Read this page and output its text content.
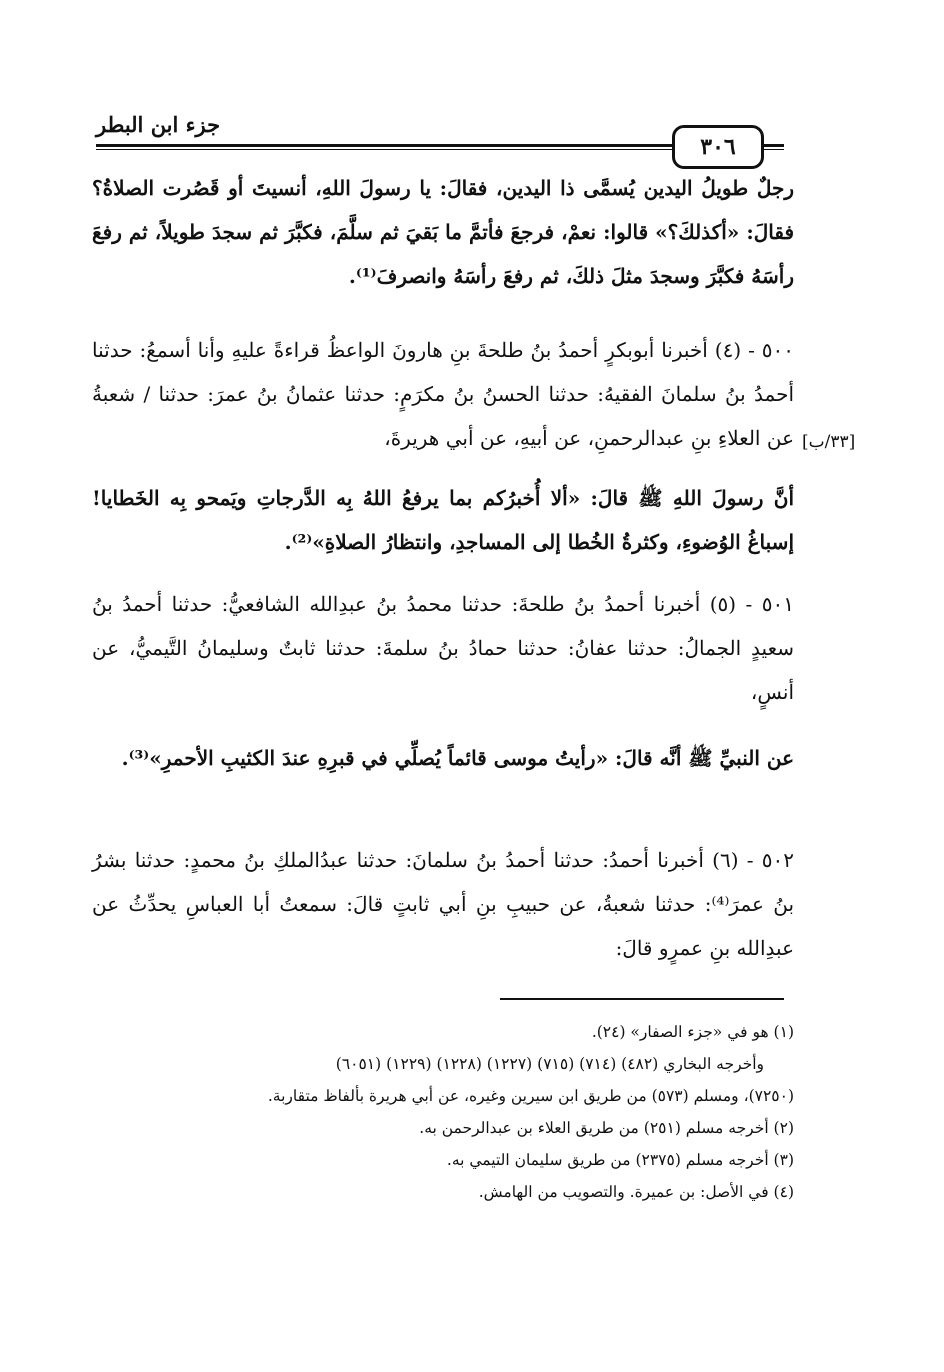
جزء ابن البطر
٣٠٦
رجلٌ طويلُ اليدين يُسمَّى ذا اليدين، فقالَ: يا رسولَ اللهِ، أنسيتَ أو قَصُرت الصلاةُ؟ فقالَ: «أكذلكَ؟» قالوا: نعمْ، فرجعَ فأتمَّ ما بَقيَ ثم سلَّمَ، فكبَّرَ ثم سجدَ طويلاً، ثم رفعَ رأسَهُ فكبَّرَ وسجدَ مثلَ ذلكَ، ثم رفعَ رأسَهُ وانصرفَ⁽¹⁾.
٥٠٠ - (٤) أخبرنا أبوبكرٍ أحمدُ بنُ طلحةَ بنِ هارونَ الواعظُ قراءةً عليهِ وأنا أسمعُ: حدثنا أحمدُ بنُ سلمانَ الفقيهُ: حدثنا الحسنُ بنُ مكرَمٍ: حدثنا عثمانُ بنُ عمرَ: حدثنا / شعبةُ عن العلاءِ بنِ عبدالرحمنِ، عن أبيهِ، عن أبي هريرةَ، [٣٣/ب]
أنَّ رسولَ اللهِ ﷺ قالَ: «ألا أُخبرُكم بما يرفعُ اللهُ بِه الدَّرجاتِ ويَمحو بِه الخَطايا! إسباغُ الوُضوءِ، وكثرةُ الخُطا إلى المساجدِ، وانتظارُ الصلاةِ»⁽²⁾.
٥٠١ - (٥) أخبرنا أحمدُ بنُ طلحةَ: حدثنا محمدُ بنُ عبدِالله الشافعيُّ: حدثنا أحمدُ بنُ سعيدٍ الجمالُ: حدثنا عفانُ: حدثنا حمادُ بنُ سلمةَ: حدثنا ثابتٌ وسليمانُ التَّيميُّ، عن أنسٍ،
عن النبيِّ ﷺ أنَّه قالَ: «رأيتُ موسى قائماً يُصلِّي في قبرِهِ عندَ الكثيبِ الأحمرِ»⁽³⁾.
٥٠٢ - (٦) أخبرنا أحمدُ: حدثنا أحمدُ بنُ سلمانَ: حدثنا عبدُالملكِ بنُ محمدٍ: حدثنا بشرُ بنُ عمرَ⁽⁴⁾: حدثنا شعبةُ، عن حبيبِ بنِ أبي ثابتٍ قالَ: سمعتُ أبا العباسِ يحدِّثُ عن عبدِالله بنِ عمرٍو قالَ:
(١) هو في «جزء الصفار» (٢٤).
وأخرجه البخاري (٤٨٢) (٧١٤) (٧١٥) (١٢٢٧) (١٢٢٨) (١٢٢٩) (٦٠٥١)
(٧٢٥٠)، ومسلم (٥٧٣) من طريق ابن سيرين وغيره، عن أبي هريرة بألفاظ متقاربة.
(٢) أخرجه مسلم (٢٥١) من طريق العلاء بن عبدالرحمن به.
(٣) أخرجه مسلم (٢٣٧٥) من طريق سليمان التيمي به.
(٤) في الأصل: بن عميرة. والتصويب من الهامش.
